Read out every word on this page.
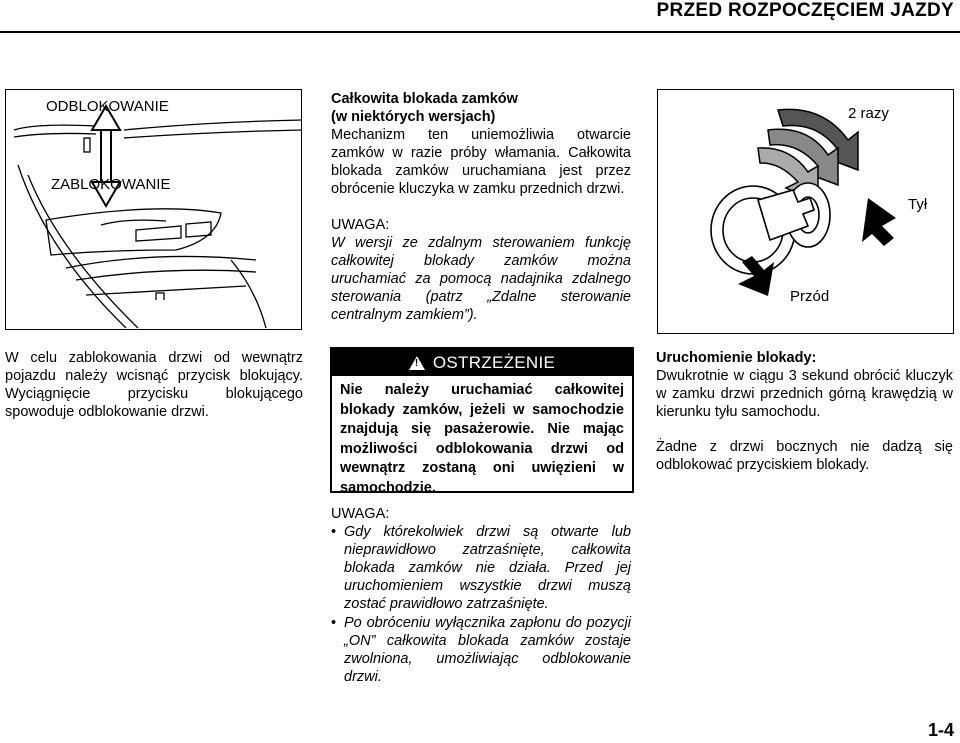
PRZED ROZPOCZĘCIEM JAZDY
ODBLOKOWANIE
ZABLOKOWANIE
2 razy
Tył
Przód

W celu zablokowania drzwi od wewnątrz pojazdu należy wcisnąć przycisk blokujący. Wyciągnięcie przycisku blokującego spowoduje odblokowanie drzwi.

Całkowita blokada zamków

(w niektórych wersjach)

Mechanizm ten uniemożliwia otwarcie zamków w razie próby włamania. Całkowita blokada zamków uruchamiana jest przez obrócenie kluczyka w zamku przednich drzwi.

UWAGA:

W wersji ze zdalnym sterowaniem funkcję całkowitej blokady zamków można uruchamiać za pomocą nadajnika zdalnego sterowania (patrz „Zdalne sterowanie centralnym zamkiem”).

! OSTRZEŻENIE
Nie należy uruchamiać całkowitej blokady zamków, jeżeli w samochodzie znajdują się pasażerowie. Nie mając możliwości odblokowania drzwi od wewnątrz zostaną oni uwięzieni w samochodzie.

UWAGA:

• Gdy którekolwiek drzwi są otwarte lub nieprawidłowo zatrzaśnięte, całkowita blokada zamków nie działa. Przed jej uruchomieniem wszystkie drzwi muszą zostać prawidłowo zatrzaśnięte.
• Po obróceniu wyłącznika zapłonu do pozycji „ON” całkowita blokada zamków zostaje zwolniona, umożliwiając odblokowanie drzwi.

Uruchomienie blokady:

Dwukrotnie w ciągu 3 sekund obrócić kluczyk w zamku drzwi przednich górną krawędzią w kierunku tyłu samochodu.

Żadne z drzwi bocznych nie dadzą się odblokować przyciskiem blokady.

1-4
